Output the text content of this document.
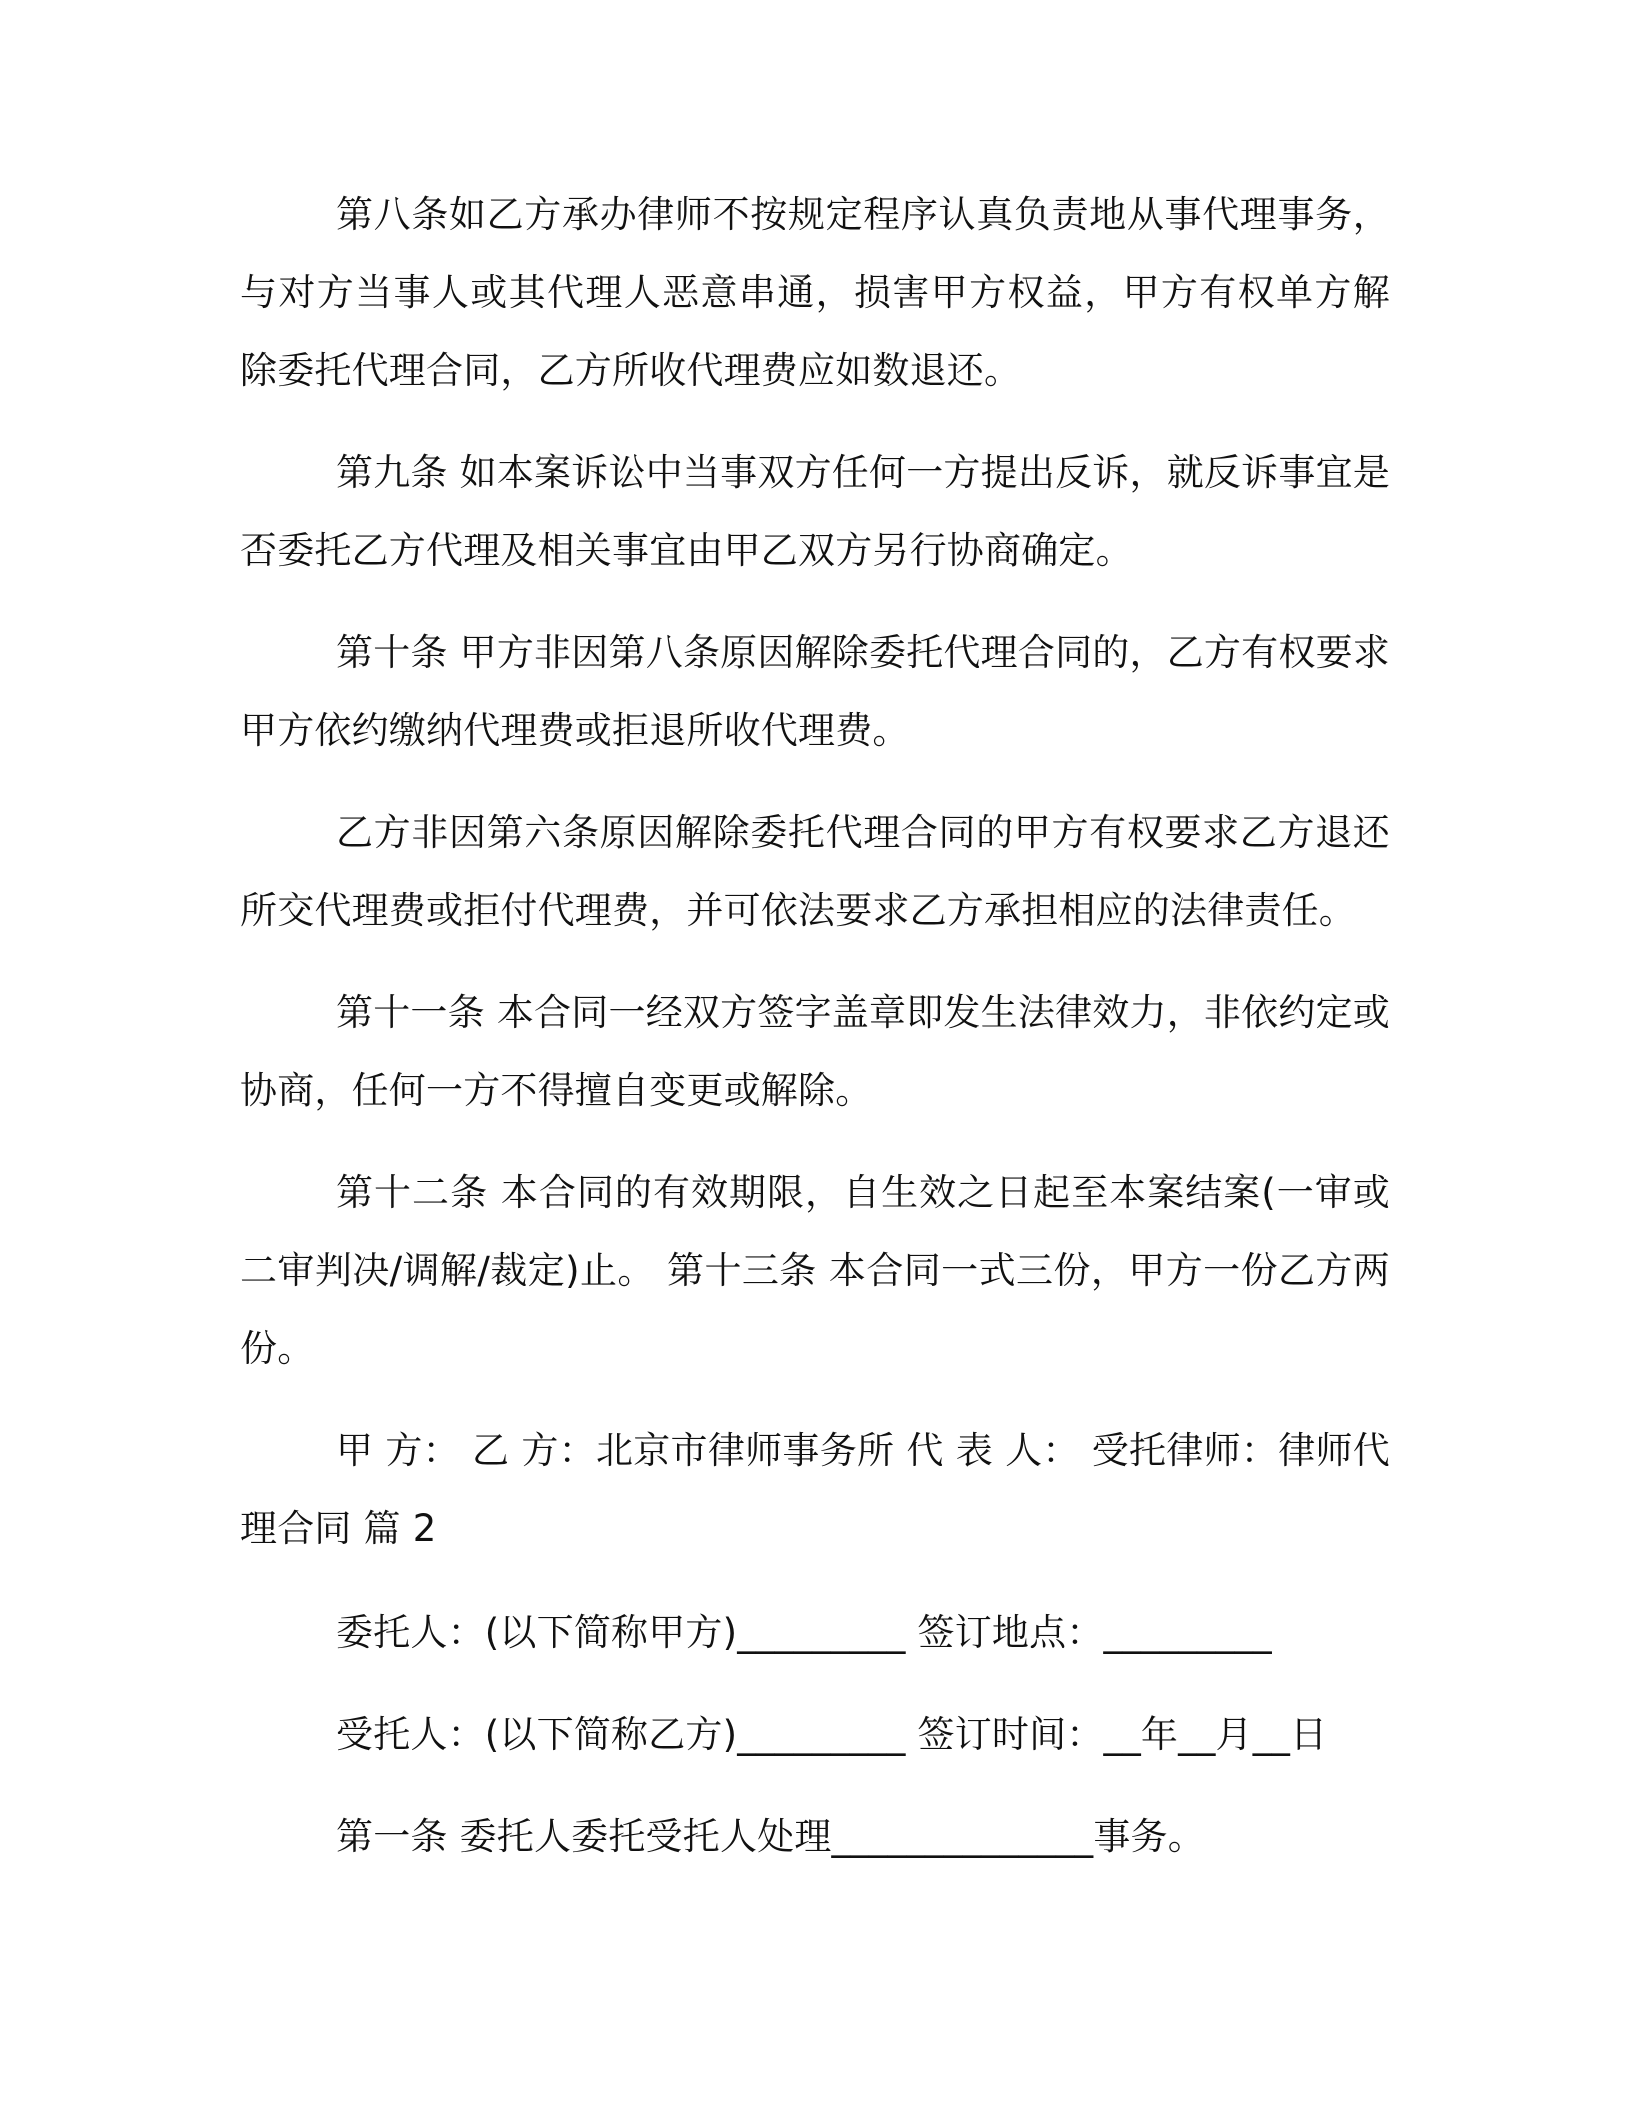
第八条如乙方承办律师不按规定程序认真负责地从事代理事务，与对方当事人或其代理人恶意串通，损害甲方权益，甲方有权单方解除委托代理合同，乙方所收代理费应如数退还。

第九条 如本案诉讼中当事双方任何一方提出反诉，就反诉事宜是否委托乙方代理及相关事宜由甲乙双方另行协商确定。

第十条 甲方非因第八条原因解除委托代理合同的，乙方有权要求甲方依约缴纳代理费或拒退所收代理费。

乙方非因第六条原因解除委托代理合同的甲方有权要求乙方退还所交代理费或拒付代理费，并可依法要求乙方承担相应的法律责任。

第十一条 本合同一经双方签字盖章即发生法律效力，非依约定或协商，任何一方不得擅自变更或解除。

第十二条 本合同的有效期限，自生效之日起至本案结案(一审或二审判决/调解/裁定)止。 第十三条 本合同一式三份，甲方一份乙方两份。

甲 方： 乙 方：北京市律师事务所 代 表 人： 受托律师：律师代理合同 篇 2

委托人：(以下简称甲方)_________ 签订地点：_________

受托人：(以下简称乙方)_________ 签订时间：__年__月__日

第一条 委托人委托受托人处理______________事务。
